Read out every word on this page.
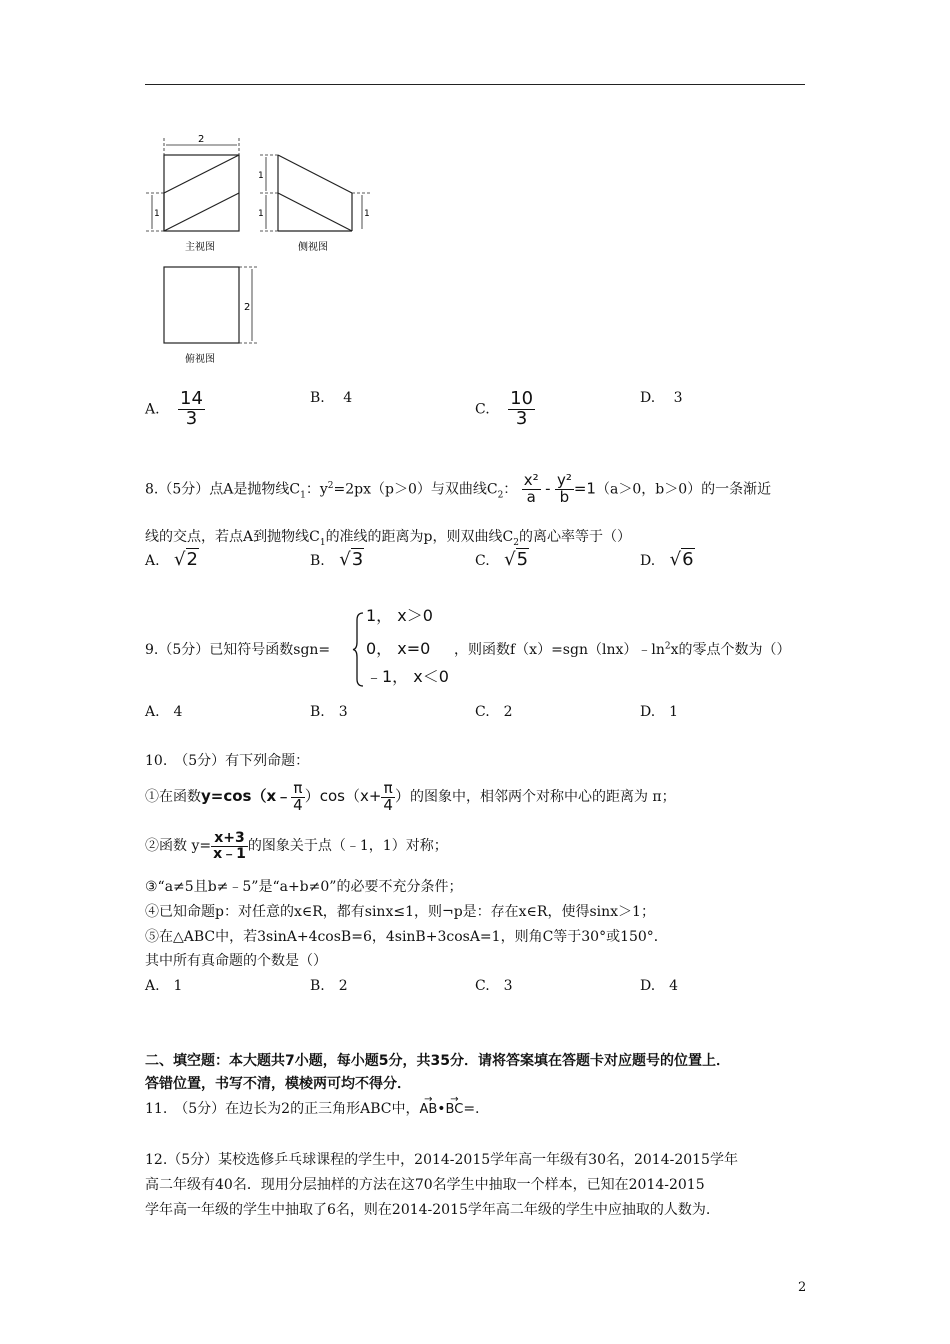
2
1
1
1	1
2
主视图	侧视图
俯视图
A. $\frac{14}{3}$	B. 4
C. $\frac{10}{3}$	D. 3
8.（5分）点A是抛物线$C_1$：$y^2=2px(p>0)$与双曲线$C_2$： $\frac{\text{x²}}{a} - \frac{\text{y²}}{b} =1(a>0$，b＞0）的一条渐近
线的交点，若点A到抛物线$C_1$的准线的距离为p，则双曲线$C_2$的离心率等于（）
A. √2	B. √3	C. √5	D. √6
9.（5分）已知符号函数sgn=
1， x＞0
0， x=0
﹣1， x＜0
，则函数$f(x)=sgn(\ln x)﹣\ln^2x$的零点个数为（）
A.　4	B.　3	C.　2	D.　1
10.　（5分）有下列命题：
①在函数y=cos（x﹣ $\frac{\pi}{4} )\cos(x+ \frac{\pi}{4}$ ）的图象中，相邻两个对称中心的距离为 π；
②函数 $y= \frac{x+3}{x﹣1}$ 的图象关于点（﹣1，1）对称；
③“a≠5且b≠﹣5”是“a+b≠0”的必要不充分条件；
④已知命题p：对任意的x∈R，都有sinx≤1，则¬p是：存在x∈R，使得sinx＞1；
⑤在△ABC中，若3sinA+4cosB=6，4sinB+3cosA=1，则角C等于30°或150°．
其中所有真命题的个数是（）
A.　1	B.　2	C.　3	D.　4
二、填空题：本大题共7小题，每小题5分，共35分．请将答案填在答题卡对应题号的位置上．
答错位置，书写不清，模棱两可均不得分．
11.　（5分）在边长为2的正三角形ABC中，
→
AB•
→
BC=.
12.（5分）某校选修乒乓球课程的学生中，2014-2015学年高一年级有30名，2014-2015学年
高二年级有40名．现用分层抽样的方法在这70名学生中抽取一个样本，已知在2014-2015
学年高一年级的学生中抽取了6名，则在2014-2015学年高二年级的学生中应抽取的人数为.
2
